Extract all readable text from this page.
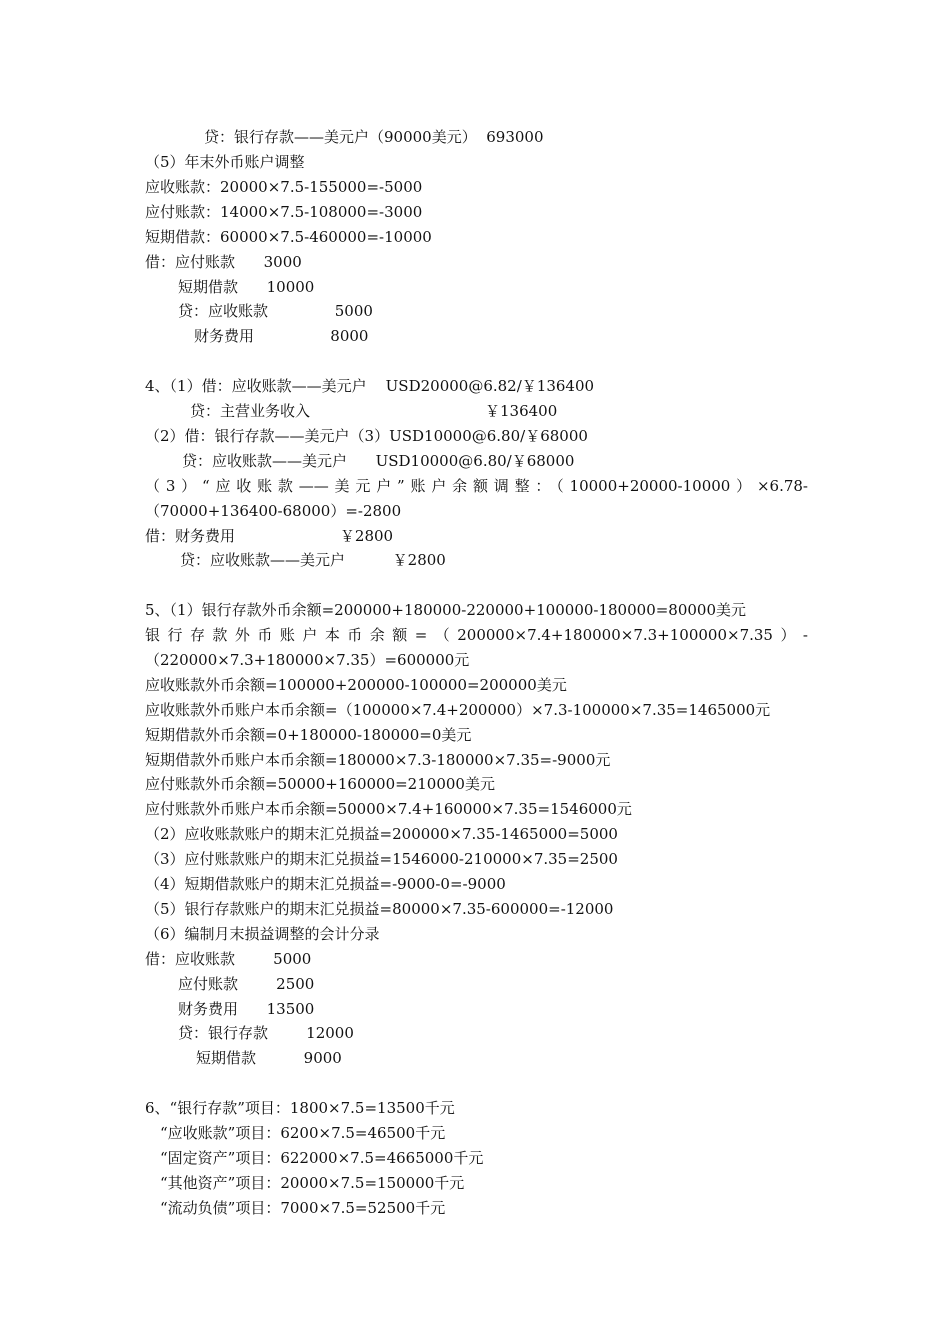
贷：银行存款——美元户（90000美元）  693000
（5）年末外币账户调整
应收账款：20000×7.5-155000=-5000
应付账款：14000×7.5-108000=-3000
短期借款：60000×7.5-460000=-10000
借：应付账款      3000
短期借款      10000
贷：应收账款              5000
财务费用                8000
4、（1）借：应收账款——美元户    USD20000@6.82/￥136400
贷：主营业务收入	￥136400
（2）借：银行存款——美元户（3）USD10000@6.80/￥68000
贷：应收账款——美元户      USD10000@6.80/￥68000
（3）“应收账款——美元户”账户余额调整：（10000+20000-10000）×6.78-
（70000+136400-68000）=-2800
借：财务费用                      ￥2800
贷：应收账款——美元户          ￥2800
5、（1）银行存款外币余额=200000+180000-220000+100000-180000=80000美元
银行存款外币账户本币余额=（200000×7.4+180000×7.3+100000×7.35）-
（220000×7.3+180000×7.35）=600000元
应收账款外币余额=100000+200000-100000=200000美元
应收账款外币账户本币余额=（100000×7.4+200000）×7.3-100000×7.35=1465000元
短期借款外币余额=0+180000-180000=0美元
短期借款外币账户本币余额=180000×7.3-180000×7.35=-9000元
应付账款外币余额=50000+160000=210000美元
应付账款外币账户本币余额=50000×7.4+160000×7.35=1546000元
（2）应收账款账户的期末汇兑损益=200000×7.35-1465000=5000
（3）应付账款账户的期末汇兑损益=1546000-210000×7.35=2500
（4）短期借款账户的期末汇兑损益=-9000-0=-9000
（5）银行存款账户的期末汇兑损益=80000×7.35-600000=-12000
（6）编制月末损益调整的会计分录
借：应收账款        5000
应付账款        2500
财务费用      13500
贷：银行存款        12000
短期借款          9000
6、“银行存款”项目：1800×7.5=13500千元
“应收账款”项目：6200×7.5=46500千元
“固定资产”项目：622000×7.5=4665000千元
“其他资产”项目：20000×7.5=150000千元
“流动负债”项目：7000×7.5=52500千元
